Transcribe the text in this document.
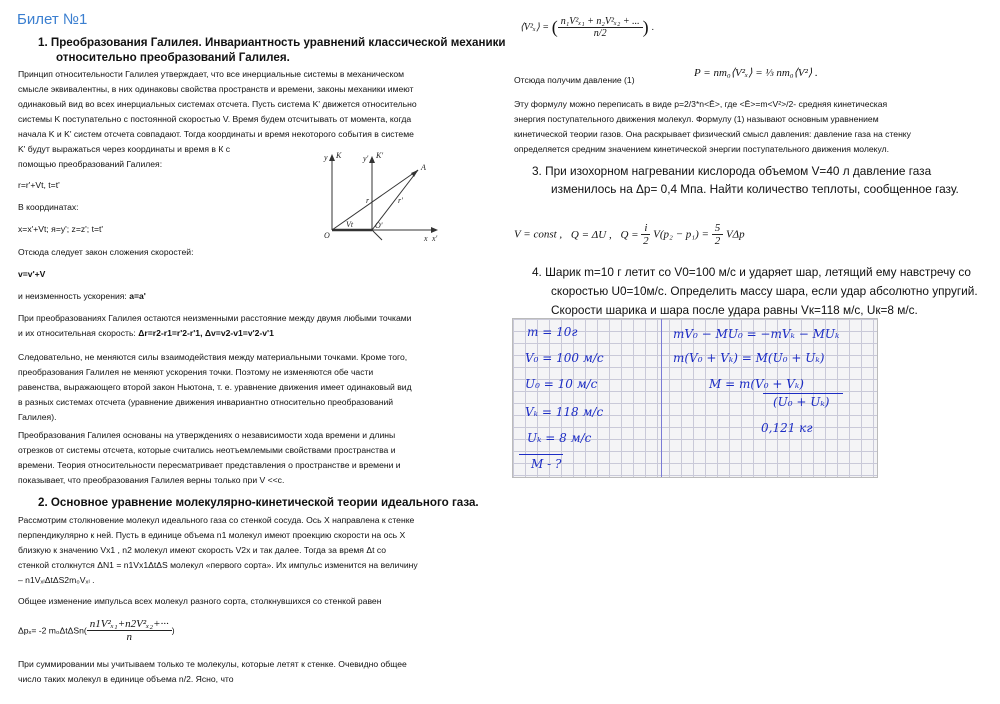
Билет №1
1. Преобразования Галилея. Инвариантность уравнений классической механики
относительно преобразований Галилея.

Принцип относительности Галилея утверждает, что все инерциальные системы в механическом

смысле эквивалентны, в них одинаковы свойства пространств и времени, законы механики имеют

одинаковый вид во всех инерциальных системах отсчета. Пусть система K' движется относительно

системы K поступательно с постоянной скоростью V. Время будем отсчитывать от момента, когда

начала K и K' систем отсчета совпадают. Тогда координаты и время некоторого события в системе

K' будут выражаться через координаты и время в К с

помощью преобразований Галилея:

r=r'+Vt, t=t'
В координатах:
x=x'+Vt; я=y'; z=z'; t=t'
Отсюда следует закон сложения скоростей:
v=v'+V
и неизменность ускорения: a=a'
y K	y' K'
A
r	r'
O
O'
Vt
x x'

При преобразованиях Галилея остаются неизменными расстояние между двумя любыми точками

и их относительная скорость: Δr=r2-r1=r'2-r'1, Δv=v2-v1=v'2-v'1

Следовательно, не меняются силы взаимодействия между материальными точками. Кроме того,

преобразования Галилея не меняют ускорения точки. Поэтому не изменяются обе части

равенства, выражающего второй закон Ньютона, т. е. уравнение движения имеет одинаковый вид

в разных системах отсчета (уравнение движения инвариантно относительно преобразований

Галилея).

Преобразования Галилея основаны на утверждениях о независимости хода времени и длины

отрезков от системы отсчета, которые считались неотъемлемыми свойствами пространства и

времени. Теория относительности пересматривает представления о пространстве и времени и

показывает, что преобразования Галилея верны только при V <<c.

2. Основное уравнение молекулярно-кинетической теории идеального газа.

Рассмотрим столкновение молекул идеального газа со стенкой сосуда. Ось X направлена к стенке

перпендикулярно к ней. Пусть в единице объема n1 молекул имеют проекцию скорости на ось X

близкую к значению Vx1 , n2 молекул имеют скорость V2x и так далее. Тогда за время Δt со

стенкой столкнутся ΔN1 = n1Vx1ΔtΔS молекул «первого сорта». Их импульс изменится на величину

– n1VₓₗΔtΔS2m₀Vₓₗ .

Общее изменение импульса всех молекул разного сорта, столкнувшихся со стенкой равен
Δpₓ= -2 $m_0\Delta t\Delta Sn( \frac{\text{n1V²ₓ₁+n2V²ₓ₂+···}}{n}$ )

При суммировании мы учитываем только те молекулы, которые летят к стенке. Очевидно общее

число таких молекул в единице объема n/2. Ясно, что

⟨V²ₓ⟩ = ( $\frac{\text{n₁V²ₓ₁ + n₂V²ₓ₂ + ...}}{n/2}$ ) .
Отсюда получим давление (1)
P = nm₀⟨V²ₓ⟩ = ⅓ nm₀⟨V²⟩ .

Эту формулу можно переписать в виде p=2/3*n<Ē>, где <Ē>=m<V²>/2- средняя кинетическая

энергия поступательного движения молекул. Формулу (1) называют основным уравнением

кинетической теории газов. Она раскрывает физический смысл давления: давление газа на стенку

определяется средним значением кинетической энергии поступательного движения молекул.

3. При изохорном нагревании кислорода объемом V=40 л давление газа
изменилось на Δp= 0,4 Мпа. Найти количество теплоты, сообщенное газу.
V = const , Q = ΔU , $Q = \frac{i}{2} V(p_2 - p_1) = \frac{5}{2}$ VΔp
4. Шарик m=10 г летит со V0=100 м/с и ударяет шар, летящий ему навстречу со
скоростью U0=10м/с. Определить массу шара, если удар абсолютно упругий.
Скорости шарика и шара после удара равны Vк=118 м/с, Uк=8 м/с.
m = 10г
V₀ = 100 м/с
U₀ = 10 м/с
Vₖ = 118 м/с
Uₖ = 8 м/с
M - ?
mV₀ − MU₀ = −mVₖ − MUₖ
m(V₀ + Vₖ) = M(U₀ + Uₖ)
M = m(V₀ + Vₖ)
(U₀ + Uₖ)
0,121 кг
